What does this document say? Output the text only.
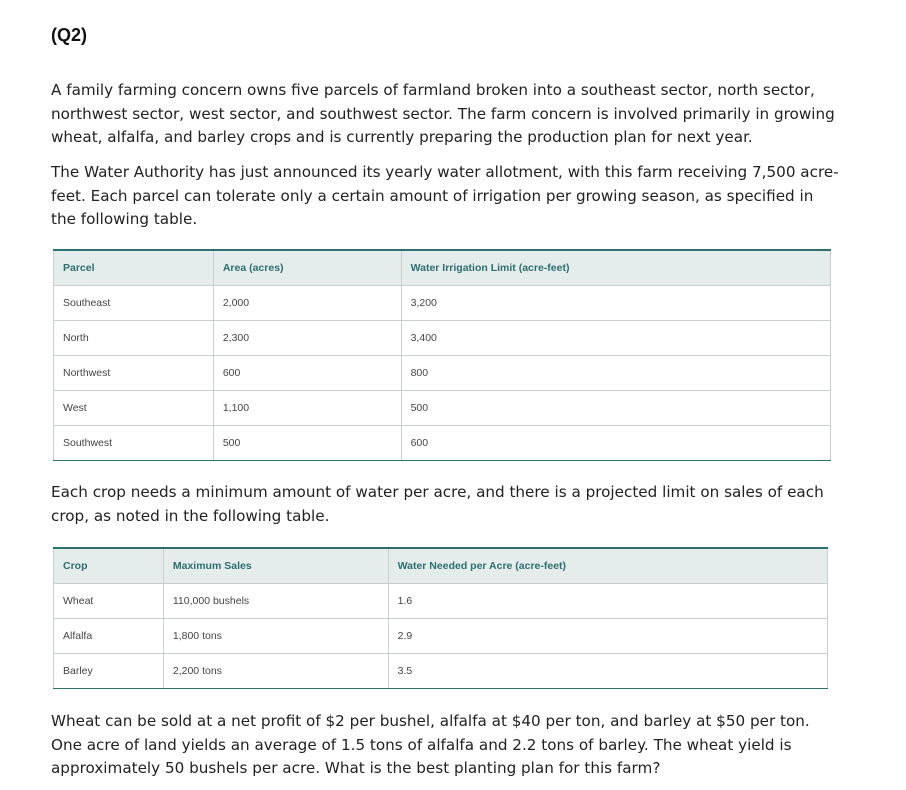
(Q2)

A family farming concern owns five parcels of farmland broken into a southeast sector, north sector, northwest sector, west sector, and southwest sector. The farm concern is involved primarily in growing wheat, alfalfa, and barley crops and is currently preparing the production plan for next year.

The Water Authority has just announced its yearly water allotment, with this farm receiving 7,500 acre-feet. Each parcel can tolerate only a certain amount of irrigation per growing season, as specified in the following table.

Parcel	Area (acres)	Water Irrigation Limit (acre-feet)
Southeast	2,000	3,200
North	2,300	3,400
Northwest	600	800
West	1,100	500
Southwest	500	600

Each crop needs a minimum amount of water per acre, and there is a projected limit on sales of each crop, as noted in the following table.

Crop	Maximum Sales	Water Needed per Acre (acre-feet)
Wheat	110,000 bushels	1.6
Alfalfa	1,800 tons	2.9
Barley	2,200 tons	3.5

Wheat can be sold at a net profit of $2 per bushel, alfalfa at $40 per ton, and barley at $50 per ton. One acre of land yields an average of 1.5 tons of alfalfa and 2.2 tons of barley. The wheat yield is approximately 50 bushels per acre. What is the best planting plan for this farm?
